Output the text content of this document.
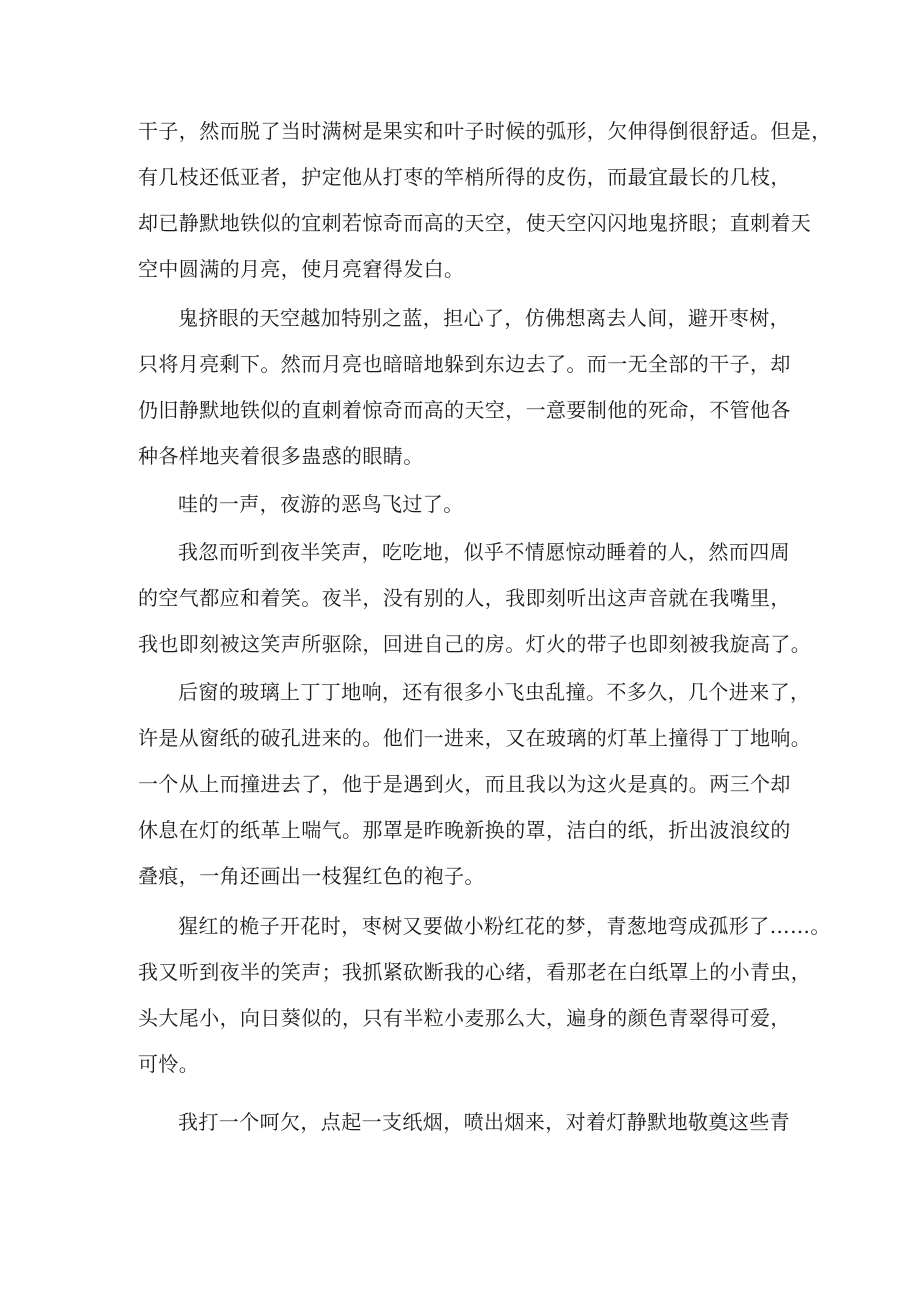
干子，然而脱了当时满树是果实和叶子时候的弧形，欠伸得倒很舒适。但是，
有几枝还低亚者，护定他从打枣的竿梢所得的皮伤，而最宜最长的几枝，
却已静默地铁似的宜刺若惊奇而高的天空，使天空闪闪地鬼挤眼；直刺着天
空中圆满的月亮，使月亮窘得发白。
鬼挤眼的天空越加特别之蓝，担心了，仿佛想离去人间，避开枣树，
只将月亮剩下。然而月亮也暗暗地躲到东边去了。而一无全部的干子，却
仍旧静默地铁似的直刺着惊奇而高的天空，一意要制他的死命，不管他各
种各样地夹着很多蛊惑的眼睛。
哇的一声，夜游的恶鸟飞过了。
我忽而听到夜半笑声，吃吃地，似乎不情愿惊动睡着的人，然而四周
的空气都应和着笑。夜半，没有别的人，我即刻听出这声音就在我嘴里，
我也即刻被这笑声所驱除，回进自己的房。灯火的带子也即刻被我旋高了。
后窗的玻璃上丁丁地响，还有很多小飞虫乱撞。不多久，几个进来了，
许是从窗纸的破孔进来的。他们一进来，又在玻璃的灯革上撞得丁丁地响。
一个从上而撞进去了，他于是遇到火，而且我以为这火是真的。两三个却
休息在灯的纸革上喘气。那罩是昨晚新换的罩，洁白的纸，折出波浪纹的
叠痕，一角还画出一枝猩红色的袍子。
猩红的桅子开花时，枣树又要做小粉红花的梦，青葱地弯成孤形了……。
我又听到夜半的笑声；我抓紧砍断我的心绪，看那老在白纸罩上的小青虫，
头大尾小，向日葵似的，只有半粒小麦那么大，遍身的颜色青翠得可爱，
可怜。
我打一个呵欠，点起一支纸烟，喷出烟来，对着灯静默地敬奠这些青
